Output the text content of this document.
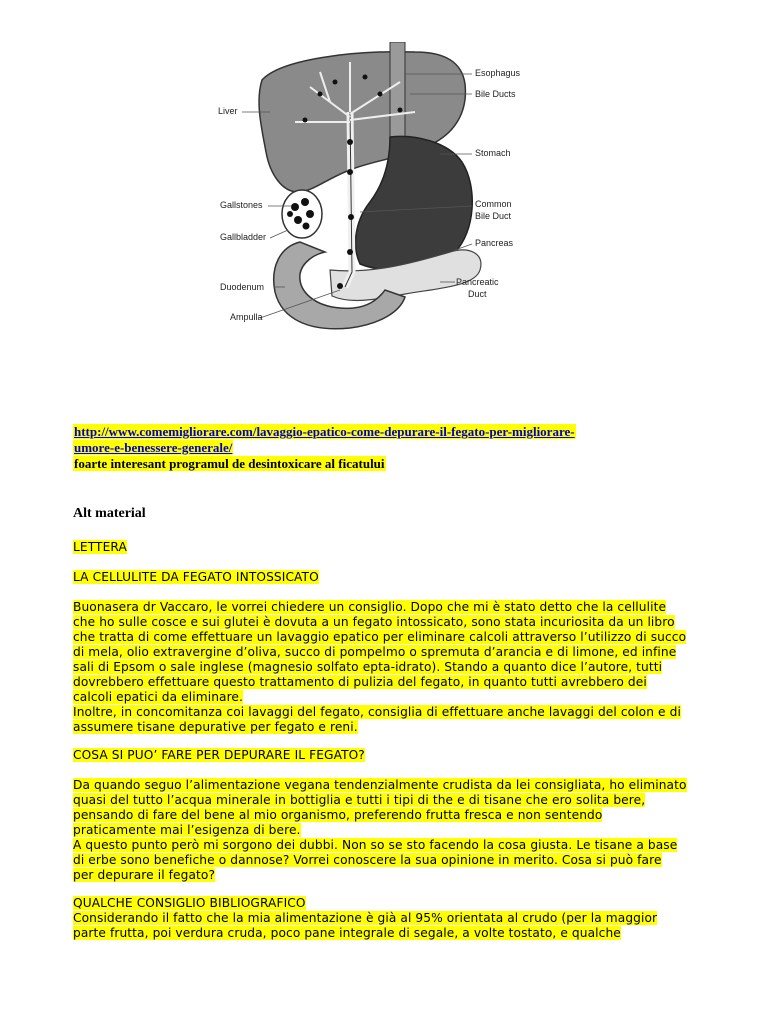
Esophagus
Bile Ducts
Liver
Stomach
Common
Bile Duct
Gallstones
Gallbladder
Pancreas
Pancreatic
Duct
Duodenum
Ampulla
http://www.comemigliorare.com/lavaggio-epatico-come-depurare-il-fegato-per-migliorare-
umore-e-benessere-generale/
foarte interesant programul de desintoxicare al ficatului
Alt material
LETTERA
LA CELLULITE DA FEGATO INTOSSICATO
Buonasera dr Vaccaro, le vorrei chiedere un consiglio. Dopo che mi è stato detto che la cellulite
che ho sulle cosce e sui glutei è dovuta a un fegato intossicato, sono stata incuriosita da un libro
che tratta di come effettuare un lavaggio epatico per eliminare calcoli attraverso l’utilizzo di succo
di mela, olio extravergine d’oliva, succo di pompelmo o spremuta d’arancia e di limone, ed infine
sali di Epsom o sale inglese (magnesio solfato epta-idrato). Stando a quanto dice l’autore, tutti
dovrebbero effettuare questo trattamento di pulizia del fegato, in quanto tutti avrebbero dei
calcoli epatici da eliminare.
Inoltre, in concomitanza coi lavaggi del fegato, consiglia di effettuare anche lavaggi del colon e di
assumere tisane depurative per fegato e reni.
COSA SI PUO’ FARE PER DEPURARE IL FEGATO?
Da quando seguo l’alimentazione vegana tendenzialmente crudista da lei consigliata, ho eliminato
quasi del tutto l’acqua minerale in bottiglia e tutti i tipi di the e di tisane che ero solita bere,
pensando di fare del bene al mio organismo, preferendo frutta fresca e non sentendo
praticamente mai l’esigenza di bere.
A questo punto però mi sorgono dei dubbi. Non so se sto facendo la cosa giusta. Le tisane a base
di erbe sono benefiche o dannose? Vorrei conoscere la sua opinione in merito. Cosa si può fare
per depurare il fegato?
QUALCHE CONSIGLIO BIBLIOGRAFICO
Considerando il fatto che la mia alimentazione è già al 95% orientata al crudo (per la maggior
parte frutta, poi verdura cruda, poco pane integrale di segale, a volte tostato, e qualche
